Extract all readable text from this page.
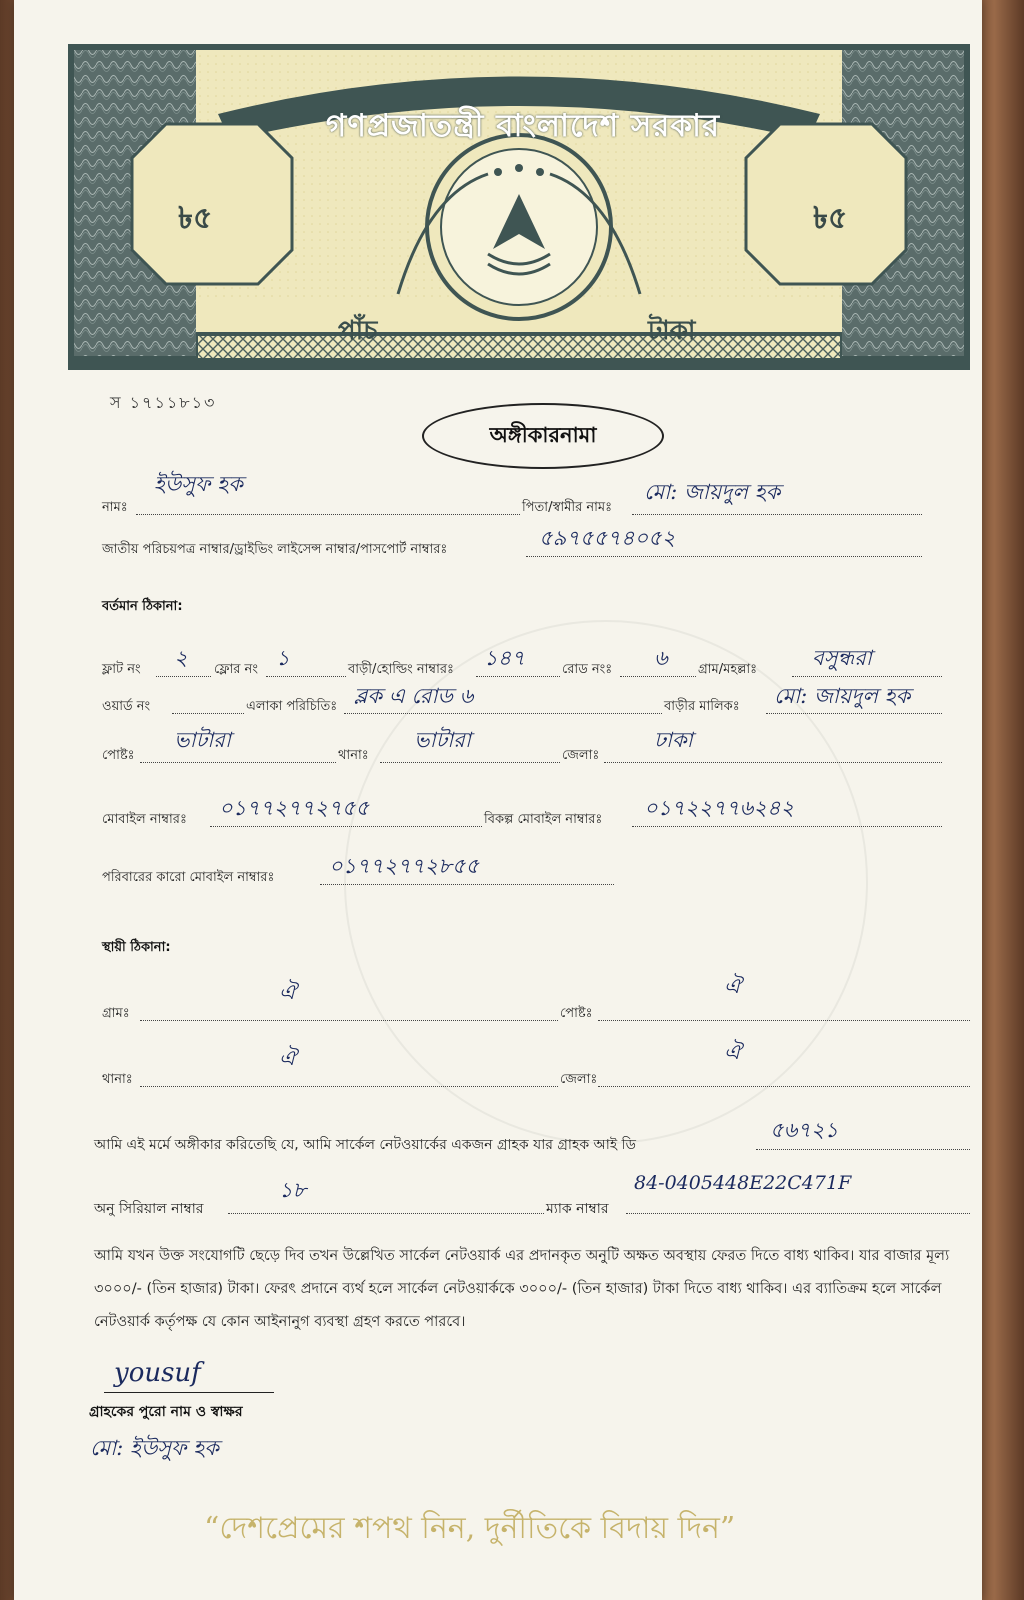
গণপ্রজাতন্ত্রী বাংলাদেশ সরকার
৳৫	৳৫
পাঁচ	টাকা
স ১৭১১৮১৩
অঙ্গীকারনামা
নামঃ
ইউসুফ হক
পিতা/স্বামীর নামঃ
মো: জায়দুল হক
জাতীয় পরিচয়পত্র নাম্বার/ড্রাইভিং লাইসেন্স নাম্বার/পাসপোর্ট নাম্বারঃ	৫৯৭৫৫৭৪০৫২
বর্তমান ঠিকানা:
ফ্লাট নং ২ ফ্লোর নং ১	বাড়ী/হোল্ডিং নাম্বারঃ ১৪৭	রোড নংঃ ৬ গ্রাম/মহল্লাঃ	বসুন্ধরা
ওয়ার্ড নং	এলাকা পরিচিতিঃ ব্লক এ রোড ৬	বাড়ীর মালিকঃ মো: জায়দুল হক
পোষ্টঃ
ভাটারা
থানাঃ
ভাটারা
জেলাঃ
ঢাকা
মোবাইল নাম্বারঃ ০১৭৭২৭৭২৭৫৫	বিকল্প মোবাইল নাম্বারঃ ০১৭২২৭৭৬২৪২
পরিবারের কারো মোবাইল নাম্বারঃ	০১৭৭২৭৭২৮৫৫
স্থায়ী ঠিকানা:
গ্রামঃ
ঐ
পোষ্টঃ
ঐ
থানাঃ
ঐ
জেলাঃ
ঐ
আমি এই মর্মে অঙ্গীকার করিতেছি যে, আমি সার্কেল নেটওয়ার্কের একজন গ্রাহক যার গ্রাহক আই ডি
৫৬৭২১
অনু সিরিয়াল নাম্বার
১৮
ম্যাক নাম্বার
84-0405448E22C471F
আমি যখন উক্ত সংযোগটি ছেড়ে দিব তখন উল্লেখিত সার্কেল নেটওয়ার্ক এর প্রদানকৃত অনুটি অক্ষত অবস্থায় ফেরত দিতে বাধ্য থাকিব। যার বাজার মূল্য ৩০০০/- (তিন হাজার) টাকা। ফেরৎ প্রদানে ব্যর্থ হলে সার্কেল নেটওয়ার্ককে ৩০০০/- (তিন হাজার) টাকা দিতে বাধ্য থাকিব। এর ব্যাতিক্রম হলে সার্কেল নেটওয়ার্ক কর্তৃপক্ষ যে কোন আইনানুগ ব্যবস্থা গ্রহণ করতে পারবে।
yousuf
গ্রাহকের পুরো নাম ও স্বাক্ষর
মো: ইউসুফ হক
“দেশপ্রেমের শপথ নিন, দুর্নীতিকে বিদায় দিন”
